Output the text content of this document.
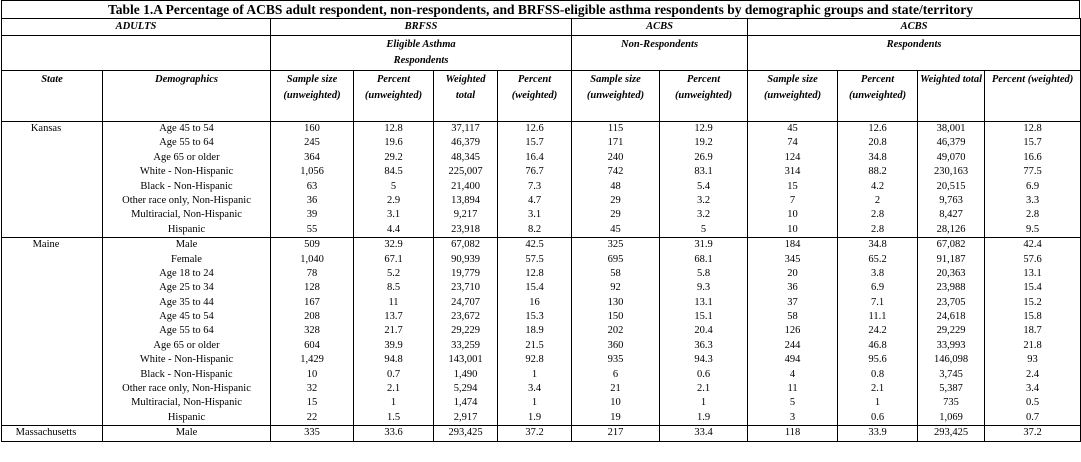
Table 1.A Percentage of ACBS adult respondent, non-respondents, and BRFSS-eligible asthma respondents by demographic groups and state/territory
ADULTS		BRFSS				ACBS		ACBS			
		Eligible Asthma Respondents				Non-Respondents		Respondents			
State	Demographics	Sample size (unweighted)	Percent (unweighted)	Weighted total	Percent (weighted)	Sample size (unweighted)	Percent (unweighted)	Sample size (unweighted)	Percent (unweighted)	Weighted total	Percent (weighted)
Kansas	Age 45 to 54	160	12.8	37,117	12.6	115	12.9	45	12.6	38,001	12.8
	Age 55 to 64	245	19.6	46,379	15.7	171	19.2	74	20.8	46,379	15.7
	Age 65 or older	364	29.2	48,345	16.4	240	26.9	124	34.8	49,070	16.6
	White - Non-Hispanic	1,056	84.5	225,007	76.7	742	83.1	314	88.2	230,163	77.5
	Black - Non-Hispanic	63	5	21,400	7.3	48	5.4	15	4.2	20,515	6.9
	Other race only, Non-Hispanic	36	2.9	13,894	4.7	29	3.2	7	2	9,763	3.3
	Multiracial, Non-Hispanic	39	3.1	9,217	3.1	29	3.2	10	2.8	8,427	2.8
	Hispanic	55	4.4	23,918	8.2	45	5	10	2.8	28,126	9.5
Maine	Male	509	32.9	67,082	42.5	325	31.9	184	34.8	67,082	42.4
	Female	1,040	67.1	90,939	57.5	695	68.1	345	65.2	91,187	57.6
	Age 18 to 24	78	5.2	19,779	12.8	58	5.8	20	3.8	20,363	13.1
	Age 25 to 34	128	8.5	23,710	15.4	92	9.3	36	6.9	23,988	15.4
	Age 35 to 44	167	11	24,707	16	130	13.1	37	7.1	23,705	15.2
	Age 45 to 54	208	13.7	23,672	15.3	150	15.1	58	11.1	24,618	15.8
	Age 55 to 64	328	21.7	29,229	18.9	202	20.4	126	24.2	29,229	18.7
	Age 65 or older	604	39.9	33,259	21.5	360	36.3	244	46.8	33,993	21.8
	White - Non-Hispanic	1,429	94.8	143,001	92.8	935	94.3	494	95.6	146,098	93
	Black - Non-Hispanic	10	0.7	1,490	1	6	0.6	4	0.8	3,745	2.4
	Other race only, Non-Hispanic	32	2.1	5,294	3.4	21	2.1	11	2.1	5,387	3.4
	Multiracial, Non-Hispanic	15	1	1,474	1	10	1	5	1	735	0.5
	Hispanic	22	1.5	2,917	1.9	19	1.9	3	0.6	1,069	0.7
Massachusetts	Male	335	33.6	293,425	37.2	217	33.4	118	33.9	293,425	37.2
